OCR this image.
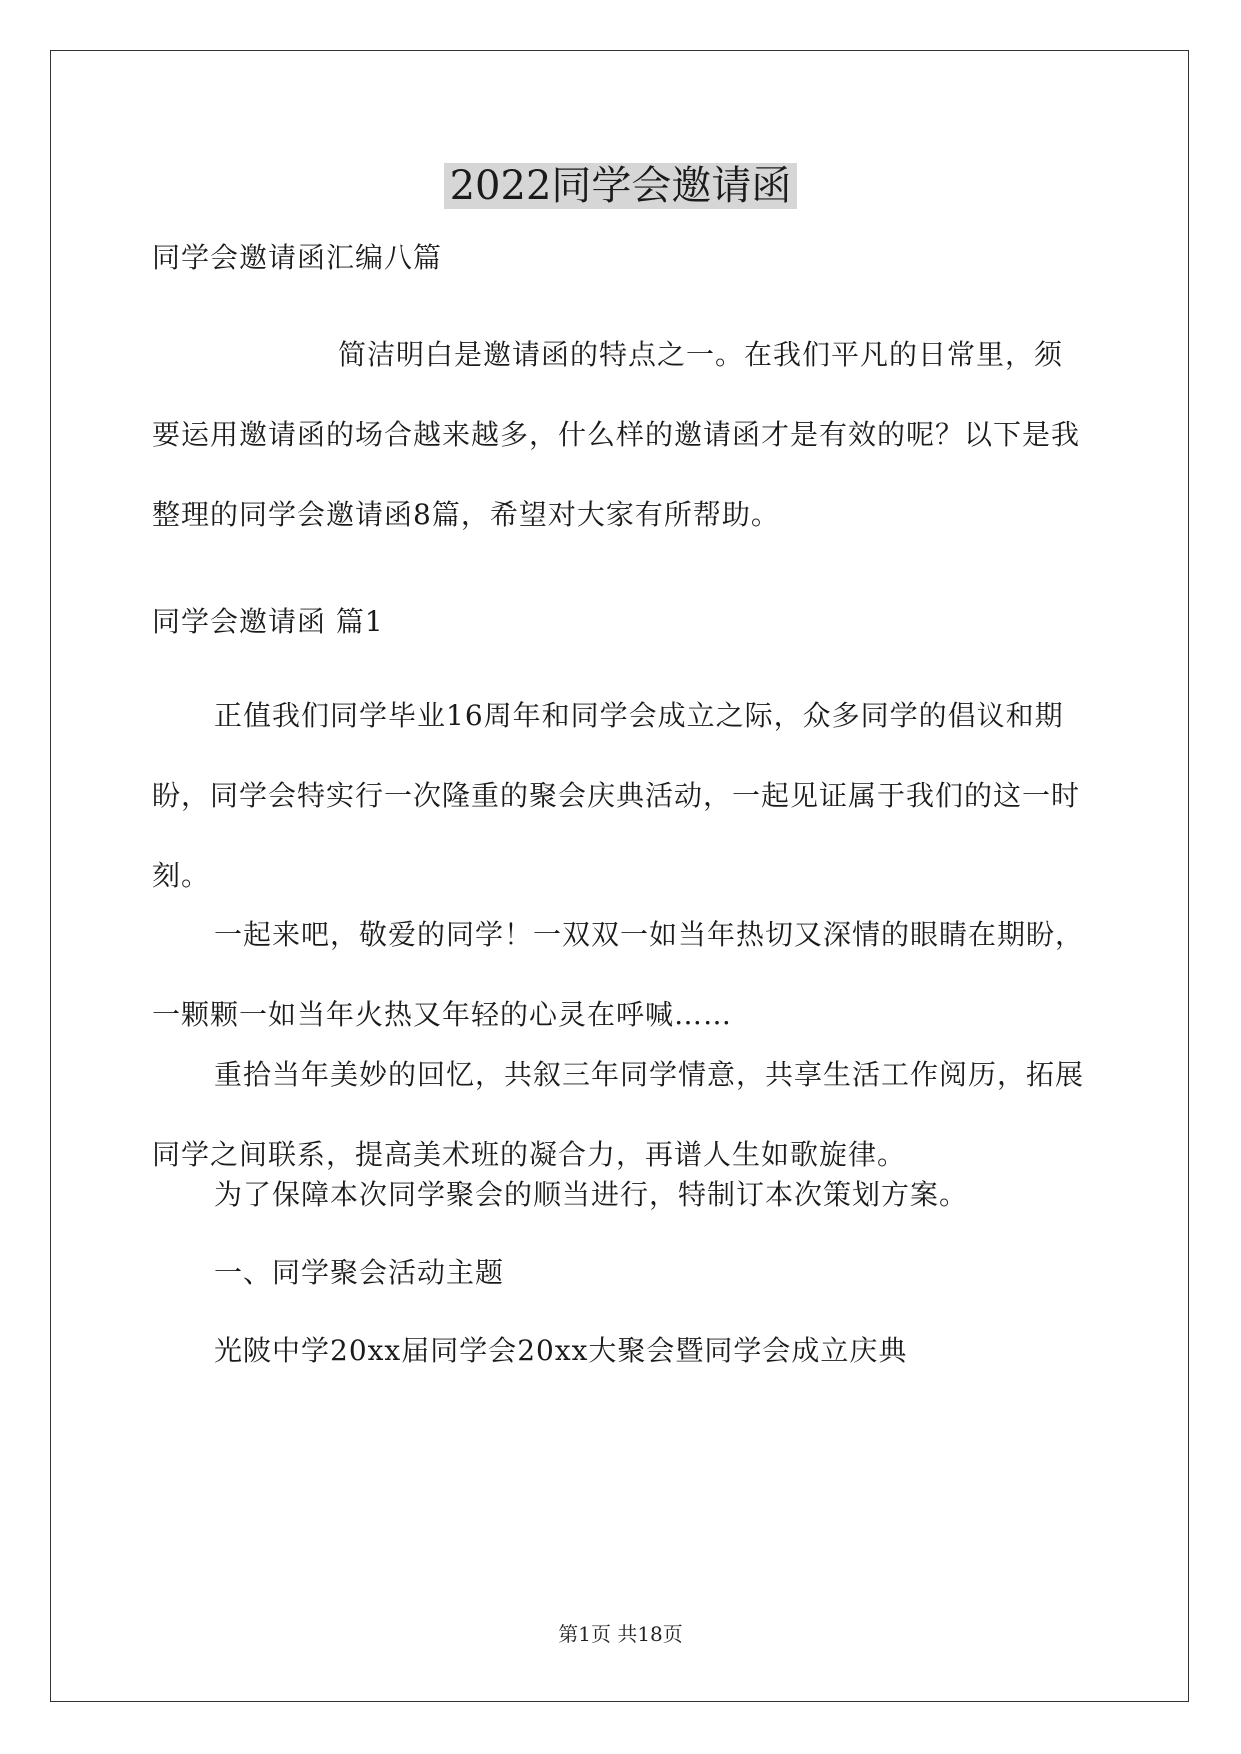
2022同学会邀请函

同学会邀请函汇编八篇

简洁明白是邀请函的特点之一。在我们平凡的日常里，须要运用邀请函的场合越来越多，什么样的邀请函才是有效的呢？以下是我整理的同学会邀请函8篇，希望对大家有所帮助。

同学会邀请函 篇1

正值我们同学毕业16周年和同学会成立之际，众多同学的倡议和期盼，同学会特实行一次隆重的聚会庆典活动，一起见证属于我们的这一时刻。

一起来吧，敬爱的同学！一双双一如当年热切又深情的眼睛在期盼，一颗颗一如当年火热又年轻的心灵在呼喊……

重拾当年美妙的回忆，共叙三年同学情意，共享生活工作阅历，拓展同学之间联系，提高美术班的凝合力，再谱人生如歌旋律。

为了保障本次同学聚会的顺当进行，特制订本次策划方案。

一、同学聚会活动主题

光陂中学20xx届同学会20xx大聚会暨同学会成立庆典

第1页 共18页
